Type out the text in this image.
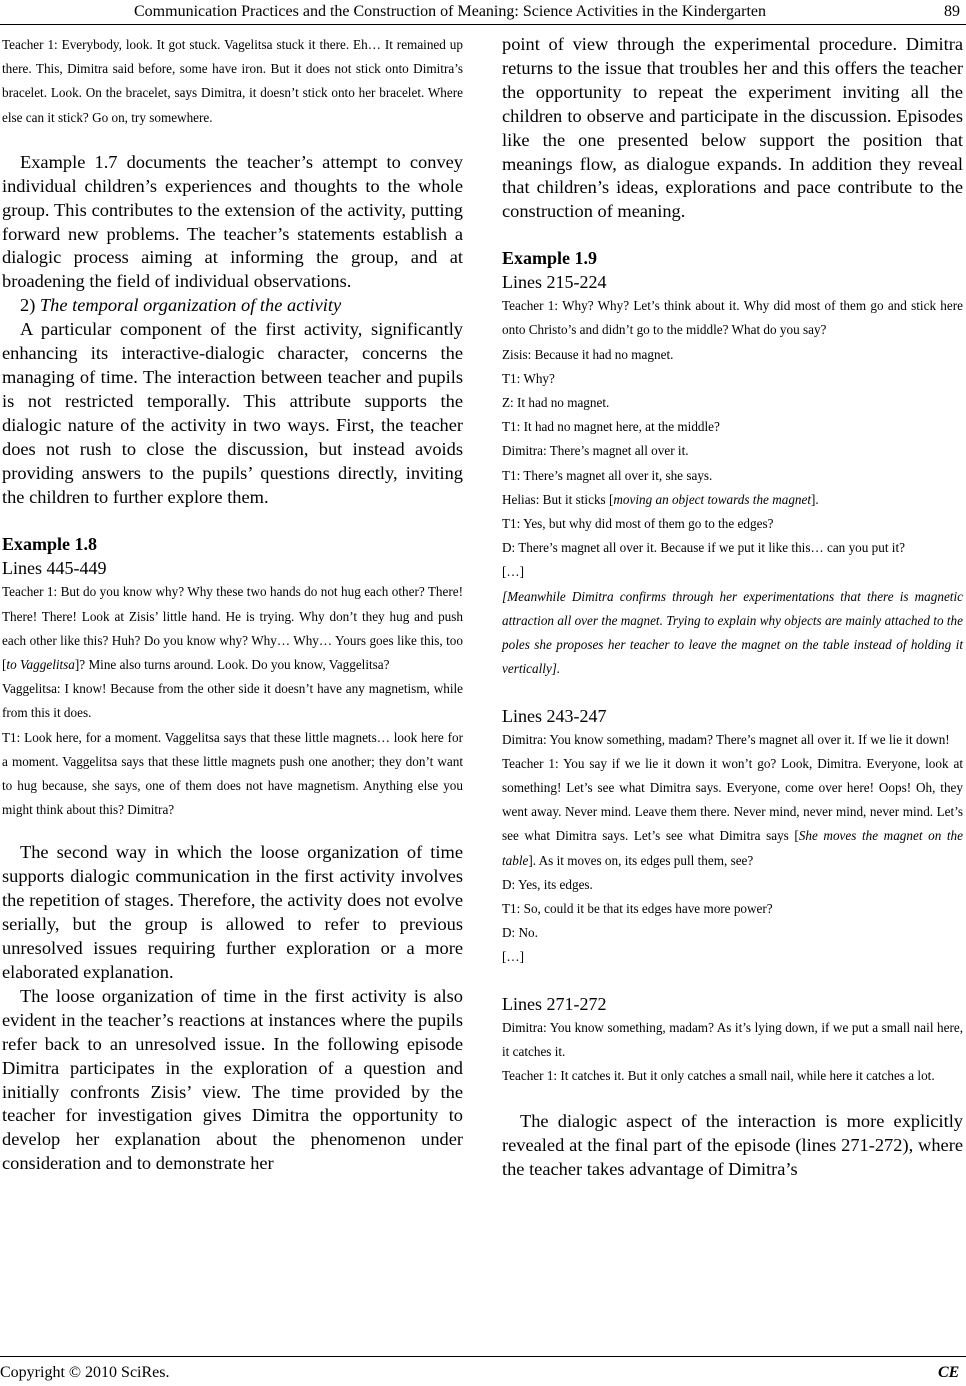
Communication Practices and the Construction of Meaning: Science Activities in the Kindergarten	89

Teacher 1: Everybody, look. It got stuck. Vagelitsa stuck it there. Eh… It remained up there. This, Dimitra said before, some have iron. But it does not stick onto Dimitra’s bracelet. Look. On the bracelet, says Dimitra, it doesn’t stick onto her bracelet. Where else can it stick? Go on, try somewhere.

Example 1.7 documents the teacher’s attempt to convey individual children’s experiences and thoughts to the whole group. This contributes to the extension of the activity, putting forward new problems. The teacher’s statements establish a dialogic process aiming at informing the group, and at broadening the field of individual observations.

2) The temporal organization of the activity

A particular component of the first activity, significantly enhancing its interactive-dialogic character, concerns the managing of time. The interaction between teacher and pupils is not restricted temporally. This attribute supports the dialogic nature of the activity in two ways. First, the teacher does not rush to close the discussion, but instead avoids providing answers to the pupils’ questions directly, inviting the children to further explore them.

Example 1.8

Lines 445-449

Teacher 1: But do you know why? Why these two hands do not hug each other? There! There! There! Look at Zisis’ little hand. He is trying. Why don’t they hug and push each other like this? Huh? Do you know why? Why… Why… Yours goes like this, too [to Vaggelitsa]? Mine also turns around. Look. Do you know, Vaggelitsa?

Vaggelitsa: I know! Because from the other side it doesn’t have any magnetism, while from this it does.

T1: Look here, for a moment. Vaggelitsa says that these little magnets… look here for a moment. Vaggelitsa says that these little magnets push one another; they don’t want to hug because, she says, one of them does not have magnetism. Anything else you might think about this? Dimitra?

The second way in which the loose organization of time supports dialogic communication in the first activity involves the repetition of stages. Therefore, the activity does not evolve serially, but the group is allowed to refer to previous unresolved issues requiring further exploration or a more elaborated explanation.

The loose organization of time in the first activity is also evident in the teacher’s reactions at instances where the pupils refer back to an unresolved issue. In the following episode Dimitra participates in the exploration of a question and initially confronts Zisis’ view. The time provided by the teacher for investigation gives Dimitra the opportunity to develop her explanation about the phenomenon under consideration and to demonstrate her

point of view through the experimental procedure. Dimitra returns to the issue that troubles her and this offers the teacher the opportunity to repeat the experiment inviting all the children to observe and participate in the discussion. Episodes like the one presented below support the position that meanings flow, as dialogue expands. In addition they reveal that children’s ideas, explorations and pace contribute to the construction of meaning.

Example 1.9

Lines 215-224

Teacher 1: Why? Why? Let’s think about it. Why did most of them go and stick here onto Christo’s and didn’t go to the middle? What do you say?

Zisis: Because it had no magnet.

T1: Why?

Z: It had no magnet.

T1: It had no magnet here, at the middle?

Dimitra: There’s magnet all over it.

T1: There’s magnet all over it, she says.

Helias: But it sticks [moving an object towards the magnet].

T1: Yes, but why did most of them go to the edges?

D: There’s magnet all over it. Because if we put it like this… can you put it?

[…]

[Meanwhile Dimitra confirms through her experimentations that there is magnetic attraction all over the magnet. Trying to explain why objects are mainly attached to the poles she proposes her teacher to leave the magnet on the table instead of holding it vertically].

Lines 243-247

Dimitra: You know something, madam? There’s magnet all over it. If we lie it down!

Teacher 1: You say if we lie it down it won’t go? Look, Dimitra. Everyone, look at something! Let’s see what Dimitra says. Everyone, come over here! Oops! Oh, they went away. Never mind. Leave them there. Never mind, never mind, never mind. Let’s see what Dimitra says. Let’s see what Dimitra says [She moves the magnet on the table]. As it moves on, its edges pull them, see?

D: Yes, its edges.

T1: So, could it be that its edges have more power?

D: No.

[…]

Lines 271-272

Dimitra: You know something, madam? As it’s lying down, if we put a small nail here, it catches it.

Teacher 1: It catches it. But it only catches a small nail, while here it catches a lot.

The dialogic aspect of the interaction is more explicitly revealed at the final part of the episode (lines 271-272), where the teacher takes advantage of Dimitra’s

Copyright © 2010 SciRes.	CE
